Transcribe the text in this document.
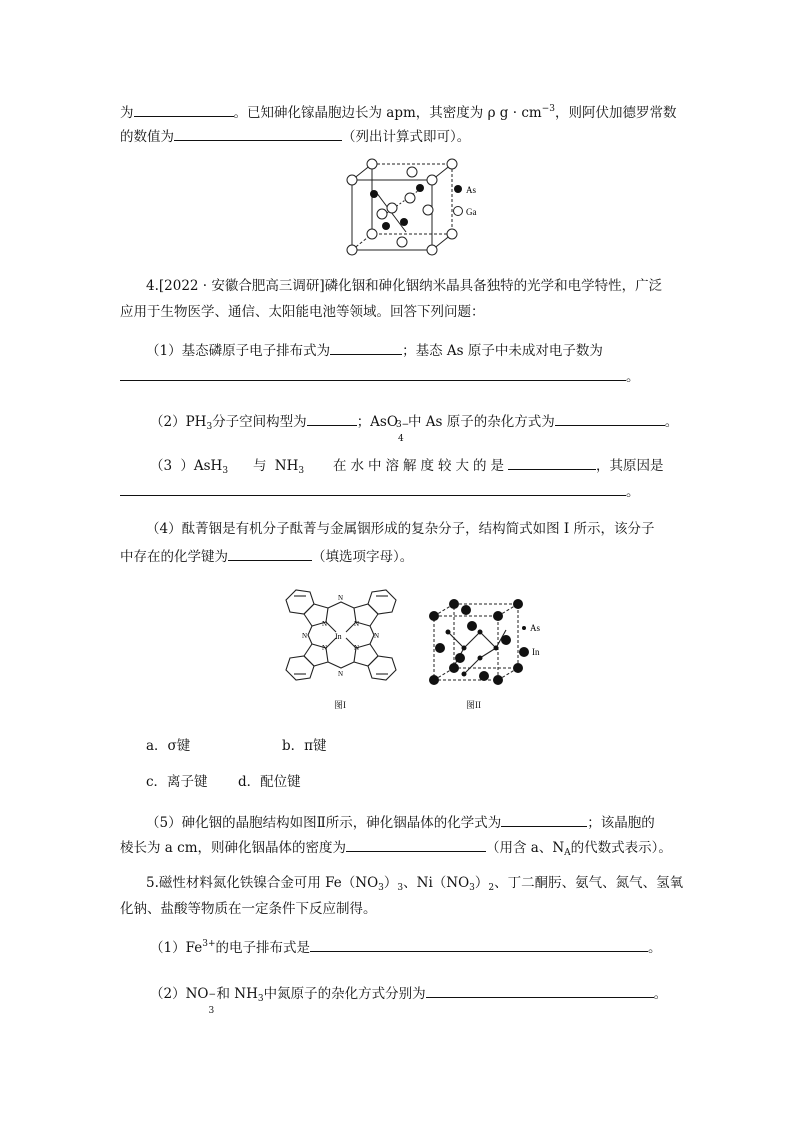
为	。已知砷化镓晶胞边长为 apm，其密度为 ρ $g \cdot cm^{-3}$，则阿伏加德罗常数
的数值为	（列出计算式即可）。
As
Ga
4.[2022 · 安徽合肥高三调研]磷化铟和砷化铟纳米晶具备独特的光学和电学特性，广泛
应用于生物医学、通信、太阳能电池等领域。回答下列问题：
（1）基态磷原子电子排布式为	；基态 As 原子中未成对电子数为
。
$(2)PH_3$分子空间构型为	；AsO
3−
4
中 As 原子的杂化方式为	。
（3 ）AsH$_3$   与 $NH_3$   在水中溶解度较大的是	，其原因是
。
（4）酞菁铟是有机分子酞菁与金属铟形成的复杂分子，结构简式如图 I 所示，该分子
中存在的化学键为	（填选项字母）。
In
N
N
N	N
N	N
N	N
图I
As
In
图II
a．σ键	b．π键
c．离子键 d．配位键
（5）砷化铟的晶胞结构如图Ⅱ所示，砷化铟晶体的化学式为	；该晶胞的
棱长为 a cm，则砷化铟晶体的密度为	（用含 a、$N_A$的代数式表示）。
5.磁性材料氮化铁镍合金可用 $Fe(NO_3)_3$、$Ni(NO_3)_2$、丁二酮肟、氨气、氮气、氢氧
化钠、盐酸等物质在一定条件下反应制得。
$(1)Fe^{3+}$的电子排布式是	。
（2）NO −
3
和 $NH_3$中氮原子的杂化方式分别为	。
